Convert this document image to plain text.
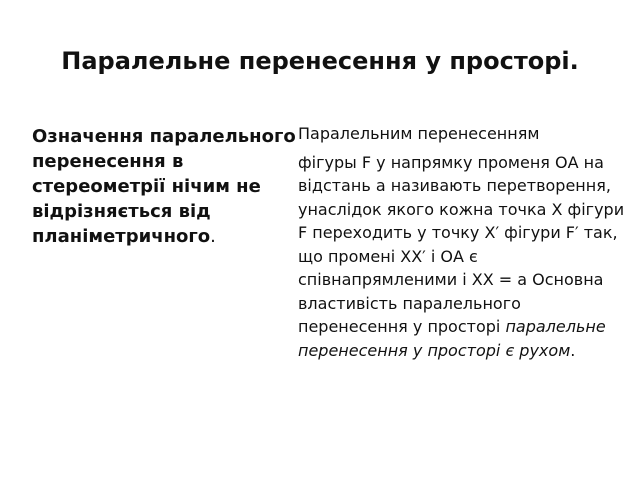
Паралельне перенесення у просторі.
Означення паралельного перенесення в стереометрії нічим не відрізняється від планіметричного.
Паралельним перенесенням
фігуры F у напрямку променя ОА на відстань а називають перетворення, унаслідок якого кожна точка X фігури F переходить у точку X′ фігури F′ так, що промені XX′ і ОА є співнапрямленими і XX = а Основна властивість паралельного перенесення у просторі паралельне перенесення у просторі є рухом.
